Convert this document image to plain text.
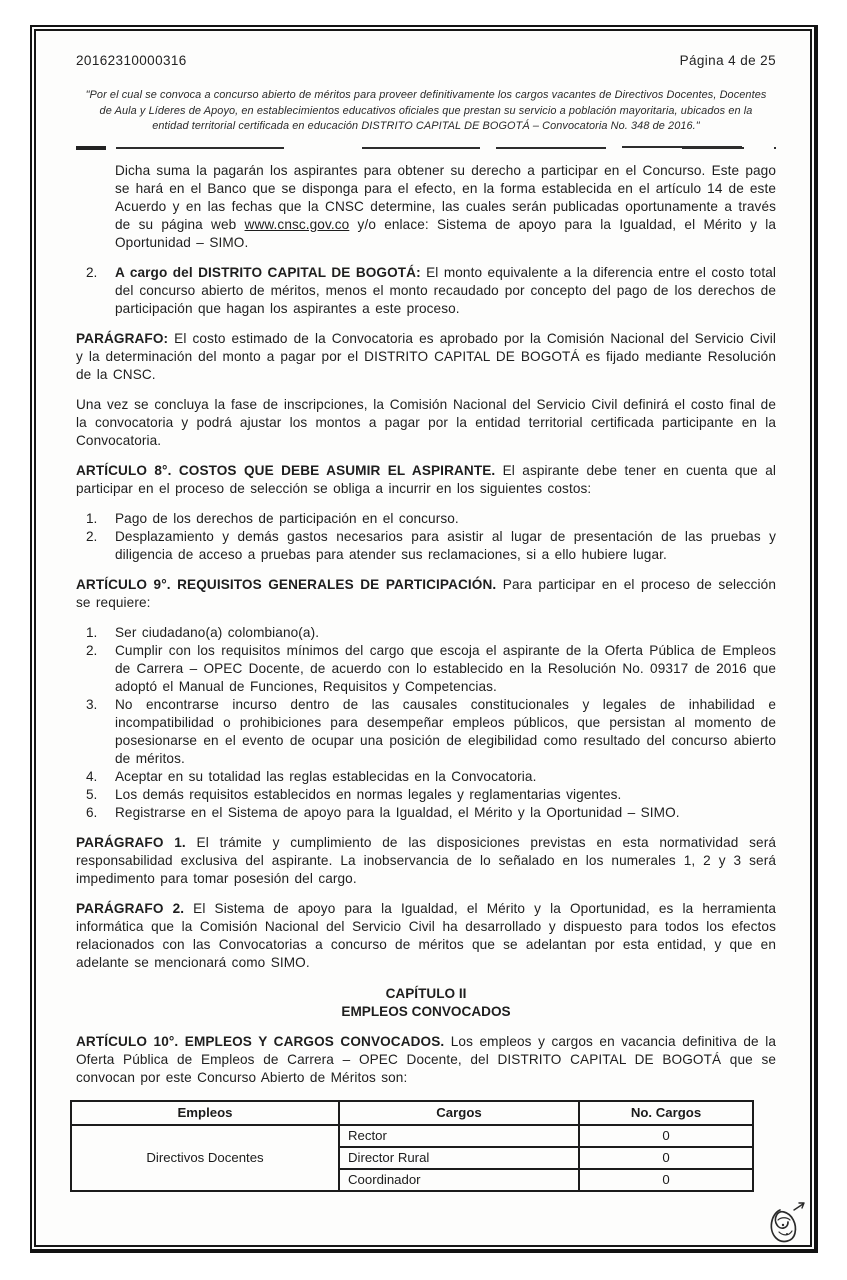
20162310000316	Página 4 de 25

"Por el cual se convoca a concurso abierto de méritos para proveer definitivamente los cargos vacantes de Directivos Docentes, Docentes de Aula y Líderes de Apoyo, en establecimientos educativos oficiales que prestan su servicio a población mayoritaria, ubicados en la entidad territorial certificada en educación DISTRITO CAPITAL DE BOGOTÁ – Convocatoria No. 348 de 2016."

Dicha suma la pagarán los aspirantes para obtener su derecho a participar en el Concurso. Este pago se hará en el Banco que se disponga para el efecto, en la forma establecida en el artículo 14 de este Acuerdo y en las fechas que la CNSC determine, las cuales serán publicadas oportunamente a través de su página web www.cnsc.gov.co y/o enlace: Sistema de apoyo para la Igualdad, el Mérito y la Oportunidad – SIMO.

2.	A cargo del DISTRITO CAPITAL DE BOGOTÁ: El monto equivalente a la diferencia entre el costo total del concurso abierto de méritos, menos el monto recaudado por concepto del pago de los derechos de participación que hagan los aspirantes a este proceso.

PARÁGRAFO: El costo estimado de la Convocatoria es aprobado por la Comisión Nacional del Servicio Civil y la determinación del monto a pagar por el DISTRITO CAPITAL DE BOGOTÁ es fijado mediante Resolución de la CNSC.

Una vez se concluya la fase de inscripciones, la Comisión Nacional del Servicio Civil definirá el costo final de la convocatoria y podrá ajustar los montos a pagar por la entidad territorial certificada participante en la Convocatoria.

ARTÍCULO 8°. COSTOS QUE DEBE ASUMIR EL ASPIRANTE. El aspirante debe tener en cuenta que al participar en el proceso de selección se obliga a incurrir en los siguientes costos:

1.	Pago de los derechos de participación en el concurso.

2.	Desplazamiento y demás gastos necesarios para asistir al lugar de presentación de las pruebas y diligencia de acceso a pruebas para atender sus reclamaciones, si a ello hubiere lugar.

ARTÍCULO 9°. REQUISITOS GENERALES DE PARTICIPACIÓN. Para participar en el proceso de selección se requiere:

1.	Ser ciudadano(a) colombiano(a).

2.	Cumplir con los requisitos mínimos del cargo que escoja el aspirante de la Oferta Pública de Empleos de Carrera – OPEC Docente, de acuerdo con lo establecido en la Resolución No. 09317 de 2016 que adoptó el Manual de Funciones, Requisitos y Competencias.

3.	No encontrarse incurso dentro de las causales constitucionales y legales de inhabilidad e incompatibilidad o prohibiciones para desempeñar empleos públicos, que persistan al momento de posesionarse en el evento de ocupar una posición de elegibilidad como resultado del concurso abierto de méritos.

4.	Aceptar en su totalidad las reglas establecidas en la Convocatoria.

5.	Los demás requisitos establecidos en normas legales y reglamentarias vigentes.

6.	Registrarse en el Sistema de apoyo para la Igualdad, el Mérito y la Oportunidad – SIMO.

PARÁGRAFO 1. El trámite y cumplimiento de las disposiciones previstas en esta normatividad será responsabilidad exclusiva del aspirante. La inobservancia de lo señalado en los numerales 1, 2 y 3 será impedimento para tomar posesión del cargo.

PARÁGRAFO 2. El Sistema de apoyo para la Igualdad, el Mérito y la Oportunidad, es la herramienta informática que la Comisión Nacional del Servicio Civil ha desarrollado y dispuesto para todos los efectos relacionados con las Convocatorias a concurso de méritos que se adelantan por esta entidad, y que en adelante se mencionará como SIMO.

CAPÍTULO II

EMPLEOS CONVOCADOS

ARTÍCULO 10°. EMPLEOS Y CARGOS CONVOCADOS. Los empleos y cargos en vacancia definitiva de la Oferta Pública de Empleos de Carrera – OPEC Docente, del DISTRITO CAPITAL DE BOGOTÁ que se convocan por este Concurso Abierto de Méritos son:

Empleos	Cargos	No. Cargos
Directivos Docentes	Rector	0
	Director Rural	0
	Coordinador	0
